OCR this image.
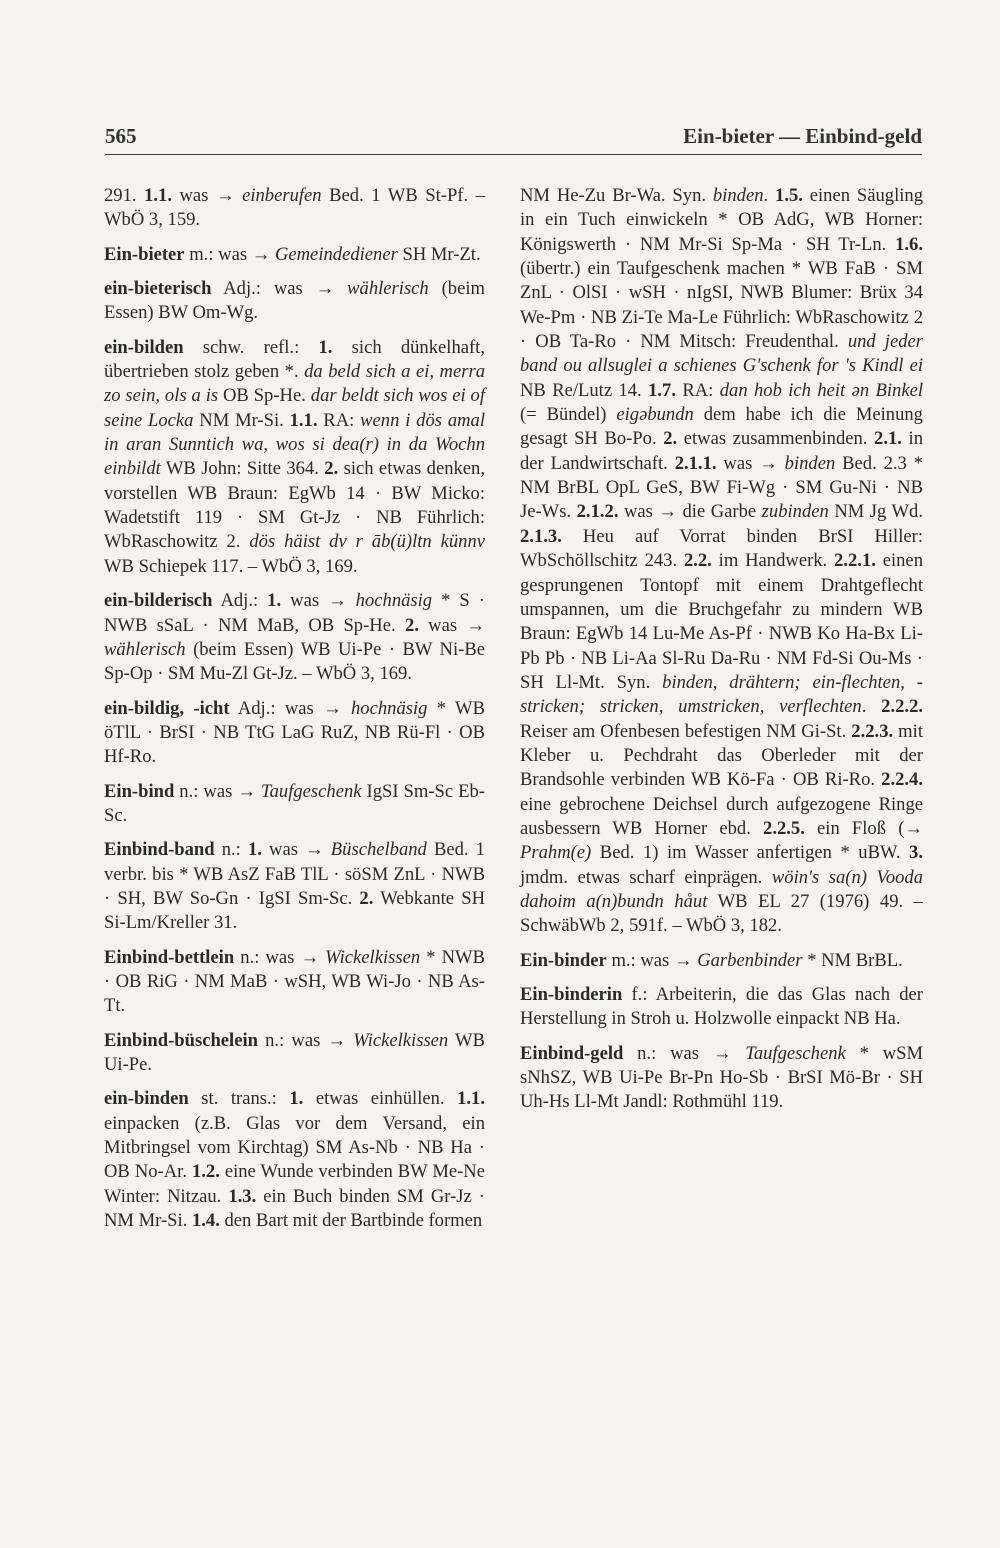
565	Ein-bieter — Einbind-geld

291. 1.1. was → einberufen Bed. 1 WB St-Pf. – WbÖ 3, 159.

Ein-bieter m.: was → Gemeindediener SH Mr-Zt.

ein-bieterisch Adj.: was → wählerisch (beim Essen) BW Om-Wg.

ein-bilden schw. refl.: 1. sich dünkelhaft, übertrieben stolz geben *. da beld sich a ei, merra zo sein, ols a is OB Sp-He. dar beldt sich wos ei of seine Locka NM Mr-Si. 1.1. RA: wenn i dös amal in aran Sunntich wa, wos si dea(r) in da Wochn einbildt WB John: Sitte 364. 2. sich etwas denken, vorstellen WB Braun: EgWb 14 · BW Micko: Wadetstift 119 · SM Gt-Jz · NB Führlich: WbRaschowitz 2. dös häist dv r āb(ü)ltn künnv WB Schiepek 117. – WbÖ 3, 169.

ein-bilderisch Adj.: 1. was → hochnäsig * S · NWB sSaL · NM MaB, OB Sp-He. 2. was → wählerisch (beim Essen) WB Ui-Pe · BW Ni-Be Sp-Op · SM Mu-Zl Gt-Jz. – WbÖ 3, 169.

ein-bildig, -icht Adj.: was → hochnäsig * WB öTlL · BrSI · NB TtG LaG RuZ, NB Rü-Fl · OB Hf-Ro.

Ein-bind n.: was → Taufgeschenk IgSI Sm-Sc Eb-Sc.

Einbind-band n.: 1. was → Büschelband Bed. 1 verbr. bis * WB AsZ FaB TlL · söSM ZnL · NWB · SH, BW So-Gn · IgSI Sm-Sc. 2. Webkante SH Si-Lm/Kreller 31.

Einbind-bettlein n.: was → Wickelkissen * NWB · OB RiG · NM MaB · wSH, WB Wi-Jo · NB As-Tt.

Einbind-büschelein n.: was → Wickelkissen WB Ui-Pe.

ein-binden st. trans.: 1. etwas einhüllen. 1.1. einpacken (z.B. Glas vor dem Versand, ein Mitbringsel vom Kirchtag) SM As-Nb · NB Ha · OB No-Ar. 1.2. eine Wunde verbinden BW Me-Ne Winter: Nitzau. 1.3. ein Buch binden SM Gr-Jz · NM Mr-Si. 1.4. den Bart mit der Bartbinde formen

NM He-Zu Br-Wa. Syn. binden. 1.5. einen Säugling in ein Tuch einwickeln * OB AdG, WB Horner: Königswerth · NM Mr-Si Sp-Ma · SH Tr-Ln. 1.6. (übertr.) ein Taufgeschenk machen * WB FaB · SM ZnL · OlSI · wSH · nIgSI, NWB Blumer: Brüx 34 We-Pm · NB Zi-Te Ma-Le Führlich: WbRaschowitz 2 · OB Ta-Ro · NM Mitsch: Freudenthal. und jeder band ou allsuglei a schienes G'schenk for 's Kindl ei NB Re/Lutz 14. 1.7. RA: dan hob ich heit ən Binkel (= Bündel) eigəbundn dem habe ich die Meinung gesagt SH Bo-Po. 2. etwas zusammenbinden. 2.1. in der Landwirtschaft. 2.1.1. was → binden Bed. 2.3 * NM BrBL OpL GeS, BW Fi-Wg · SM Gu-Ni · NB Je-Ws. 2.1.2. was → die Garbe zubinden NM Jg Wd. 2.1.3. Heu auf Vorrat binden BrSI Hiller: WbSchöllschitz 243. 2.2. im Handwerk. 2.2.1. einen gesprungenen Tontopf mit einem Drahtgeflecht umspannen, um die Bruchgefahr zu mindern WB Braun: EgWb 14 Lu-Me As-Pf · NWB Ko Ha-Bx Li-Pb Pb · NB Li-Aa Sl-Ru Da-Ru · NM Fd-Si Ou-Ms · SH Ll-Mt. Syn. binden, drähtern; ein-flechten, -stricken; stricken, umstricken, verflechten. 2.2.2. Reiser am Ofenbesen befestigen NM Gi-St. 2.2.3. mit Kleber u. Pechdraht das Oberleder mit der Brandsohle verbinden WB Kö-Fa · OB Ri-Ro. 2.2.4. eine gebrochene Deichsel durch aufgezogene Ringe ausbessern WB Horner ebd. 2.2.5. ein Floß (→ Prahm(e) Bed. 1) im Wasser anfertigen * uBW. 3. jmdm. etwas scharf einprägen. wöin's sa(n) Vooda dahoim a(n)bundn håut WB EL 27 (1976) 49. – SchwäbWb 2, 591f. – WbÖ 3, 182.

Ein-binder m.: was → Garbenbinder * NM BrBL.

Ein-binderin f.: Arbeiterin, die das Glas nach der Herstellung in Stroh u. Holzwolle einpackt NB Ha.

Einbind-geld n.: was → Taufgeschenk * wSM sNhSZ, WB Ui-Pe Br-Pn Ho-Sb · BrSI Mö-Br · SH Uh-Hs Ll-Mt Jandl: Rothmühl 119.
